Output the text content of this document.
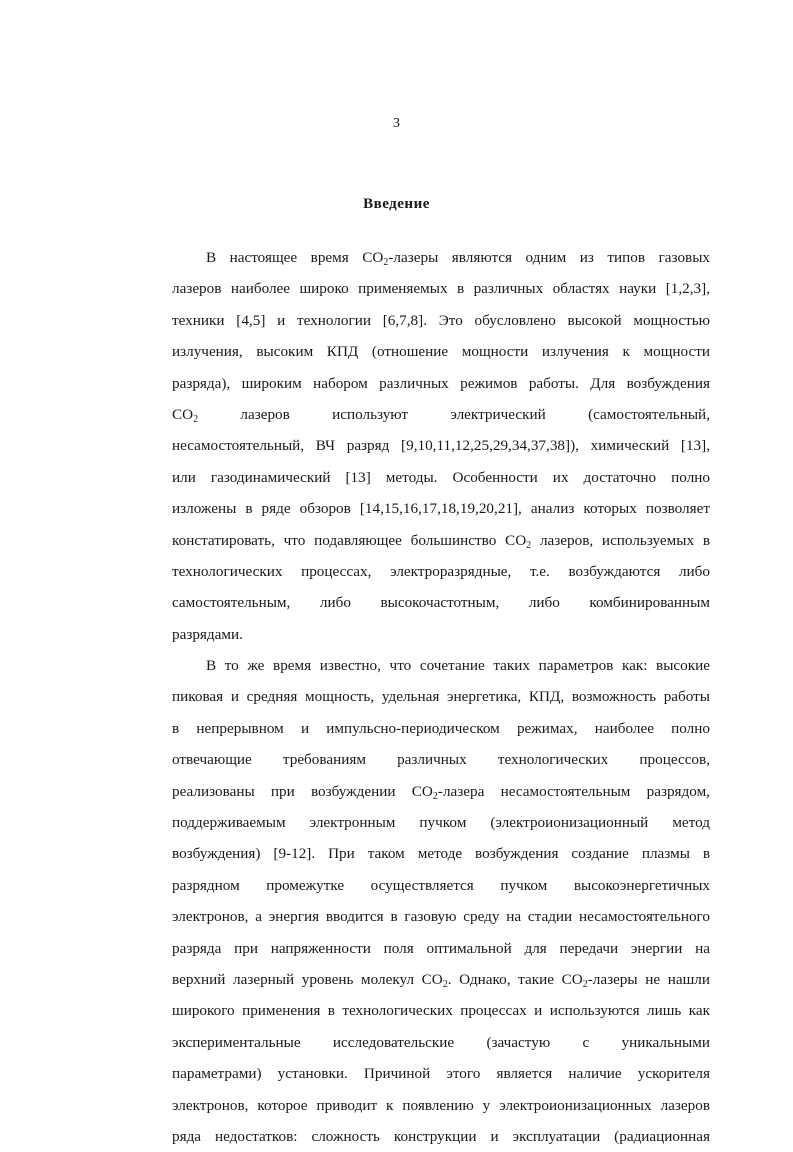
3
Введение
В настоящее время $СО_2$-лазеры являются одним из типов газовых
лазеров наиболее широко применяемых в различных областях науки [1,2,3],
техники [4,5] и технологии [6,7,8]. Это обусловлено высокой мощностью
излучения, высоким КПД (отношение мощности излучения к мощности
разряда), широким набором различных режимов работы. Для возбуждения
$СО_2$ лазеров используют электрический (самостоятельный,
несамостоятельный, ВЧ разряд [9,10,11,12,25,29,34,37,38]), химический [13],
или газодинамический [13] методы. Особенности их достаточно полно
изложены в ряде обзоров [14,15,16,17,18,19,20,21], анализ которых позволяет
констатировать, что подавляющее большинство $СО_2$ лазеров, используемых в
технологических процессах, электроразрядные, т.е. возбуждаются либо
самостоятельным, либо высокочастотным, либо комбинированным
разрядами.
В то же время известно, что сочетание таких параметров как: высокие
пиковая и средняя мощность, удельная энергетика, КПД, возможность работы
в непрерывном и импульсно-периодическом режимах, наиболее полно
отвечающие требованиям различных технологических процессов,
реализованы при возбуждении $СО_2$-лазера несамостоятельным разрядом,
поддерживаемым электронным пучком (электроионизационный метод
возбуждения) [9-12]. При таком методе возбуждения создание плазмы в
разрядном промежутке осуществляется пучком высокоэнергетичных
электронов, а энергия вводится в газовую среду на стадии несамостоятельного
разряда при напряженности поля оптимальной для передачи энергии на
верхний лазерный уровень молекул $СО_2$. Однако, такие $СО_2$-лазеры не нашли
широкого применения в технологических процессах и используются лишь как
экспериментальные исследовательские (зачастую с уникальными
параметрами) установки. Причиной этого является наличие ускорителя
электронов, которое приводит к появлению у электроионизационных лазеров
ряда недостатков: сложность конструкции и эксплуатации (радиационная
